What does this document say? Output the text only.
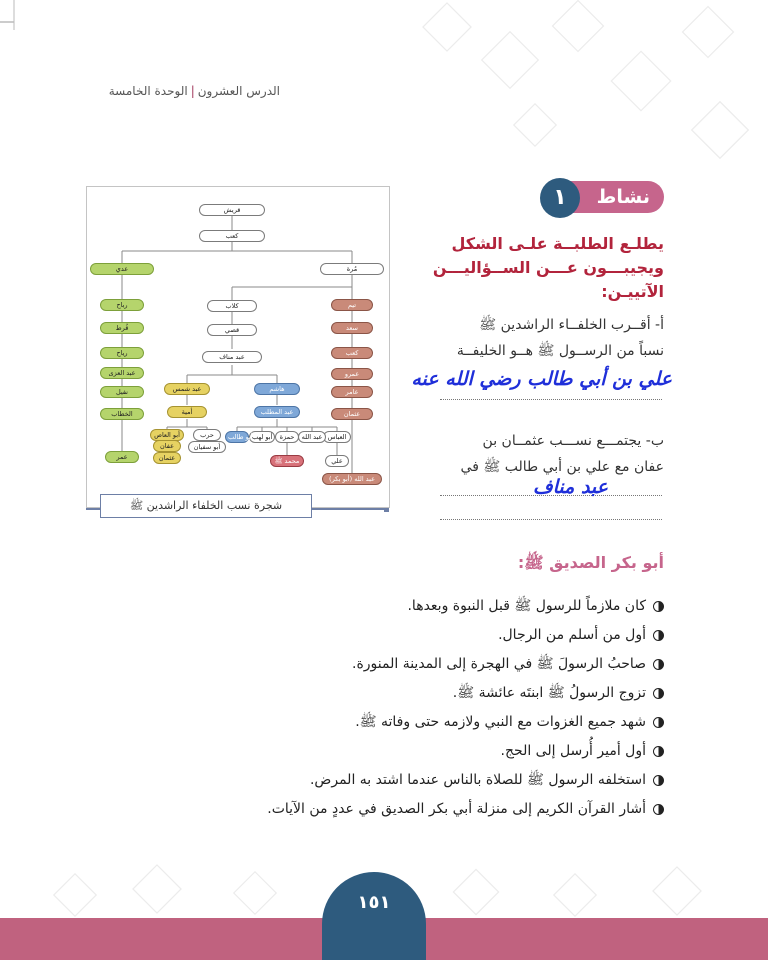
الدرس العشرون|الوحدة الخامسة
نشاط
١
يطلـع الطلبــة علـى الشكل
ويجيبـــون عـــن الســؤاليـــن
الآتييـن:
أ- أقــرب الخلفــاء الراشدين ﷺ
نسباً من الرســول ﷺ هــو الخليفــة
علي بن أبي طالب رضي الله عنه
ب- يجتمـــع نســـب عثمــان بن
عفان مع علي بن أبي طالب ﷺ في
عبد مناف
قريش
كعب
عدي	مُرة
رباح
قُرط
رياح
عبد العزى
نفيل
الخطاب
عمر
كلاب
قصي
عبد مناف
عبد شمس
أمية
أبو العاص
عفان
عثمان
حرب
أبو سفيان
هاشم
عبد المطلب
العباس
عبد الله
حمزة
أبو لهب
أبو طالب
محمد ﷺ	علي
تيم
سعد
كعب
عمرو
عامر
عثمان
عبد الله (أبو بكر)
شجرة نسب الخلفاء الراشدين ﷺ
أبو بكر الصديق ﷺ:
كان ملازماً للرسول ﷺ قبل النبوة وبعدها.
أول من أسلم من الرجال.
صاحبُ الرسولَ ﷺ في الهجرة إلى المدينة المنورة.
تزوج الرسولُ ﷺ ابنتَه عائشة ﷺ.
شهد جميع الغزوات مع النبي ولازمه حتى وفاته ﷺ.
أول أمير أُرسل إلى الحج.
استخلفه الرسول ﷺ للصلاة بالناس عندما اشتد به المرض.
أشار القرآن الكريم إلى منزلة أبي بكر الصديق في عددٍ من الآيات.
١٥١
